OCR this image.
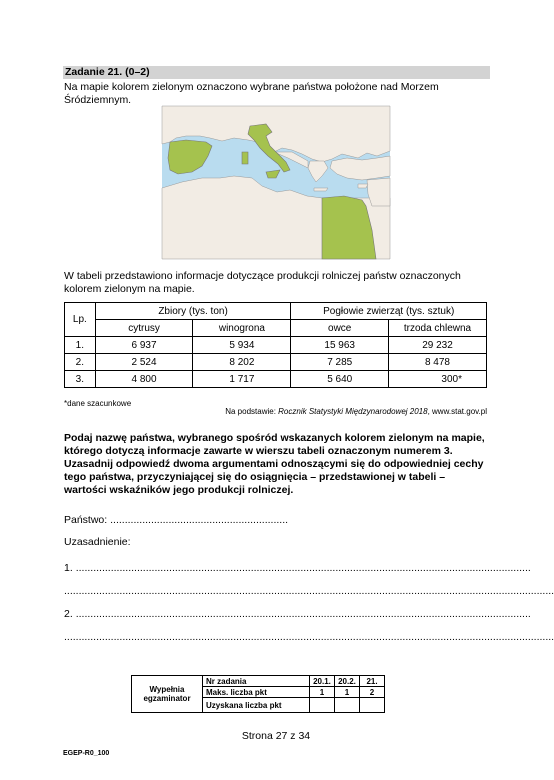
Zadanie 21. (0–2)
Na mapie kolorem zielonym oznaczono wybrane państwa położone nad Morzem Śródziemnym.
W tabeli przedstawiono informacje dotyczące produkcji rolniczej państw oznaczonych kolorem zielonym na mapie.
Lp.	Zbiory (tys. ton)		Pogłowie zwierząt (tys. sztuk)	
	cytrusy	winogrona	owce	trzoda chlewna
1.	6 937	5 934	15 963	29 232
2.	2 524	8 202	7 285	8 478
3.	4 800	1 717	5 640	300*
*dane szacunkowe
Na podstawie: Rocznik Statystyki Międzynarodowej 2018, www.stat.gov.pl
Podaj nazwę państwa, wybranego spośród wskazanych kolorem zielonym na mapie, którego dotyczą informacje zawarte w wierszu tabeli oznaczonym numerem 3. Uzasadnij odpowiedź dwoma argumentami odnoszącymi się do odpowiedniej cechy tego państwa, przyczyniającej się do osiągnięcia – przedstawionej w tabeli – wartości wskaźników jego produkcji rolniczej.
Państwo: .............................................................
Uzasadnienie:
1. ............................................................................................................................................................
........................................................................................................................................................................
2. ............................................................................................................................................................
........................................................................................................................................................................
Wypełnia egzaminator	Nr zadania	20.1.	20.2.	21.
	Maks. liczba pkt	1	1	2
	Uzyskana liczba pkt			
Strona 27 z 34
EGEP-R0_100
